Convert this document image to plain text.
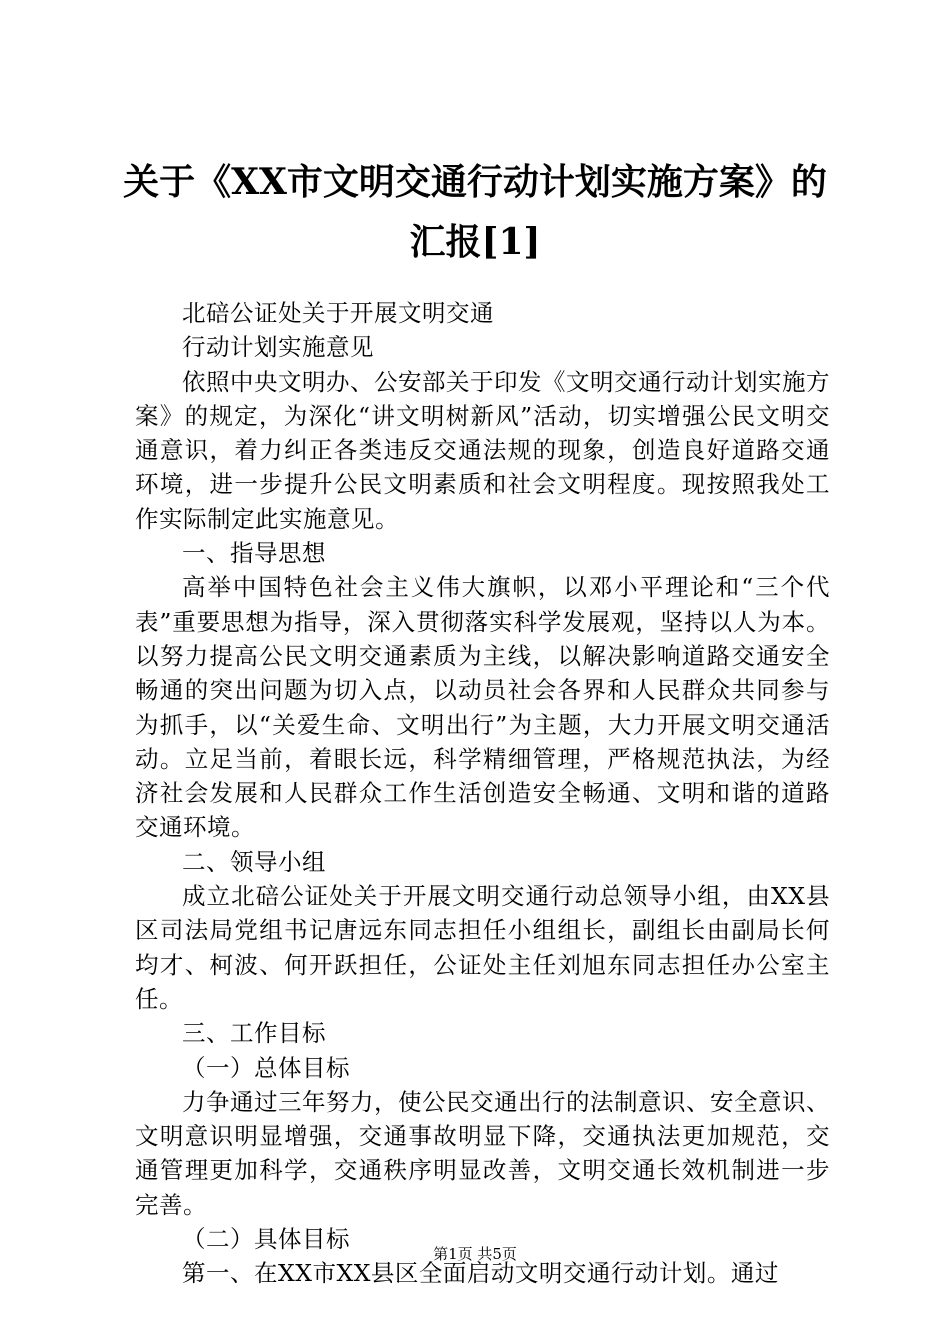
关于《XX市文明交通行动计划实施方案》的
汇报[1]

北碚公证处关于开展文明交通

行动计划实施意见

依照中央文明办、公安部关于印发《文明交通行动计划实施方案》的规定，为深化“讲文明树新风”活动，切实增强公民文明交通意识，着力纠正各类违反交通法规的现象，创造良好道路交通环境，进一步提升公民文明素质和社会文明程度。现按照我处工作实际制定此实施意见。

一、指导思想

高举中国特色社会主义伟大旗帜，以邓小平理论和“三个代表”重要思想为指导，深入贯彻落实科学发展观，坚持以人为本。以努力提高公民文明交通素质为主线，以解决影响道路交通安全畅通的突出问题为切入点，以动员社会各界和人民群众共同参与为抓手，以“关爱生命、文明出行”为主题，大力开展文明交通活动。立足当前，着眼长远，科学精细管理，严格规范执法，为经济社会发展和人民群众工作生活创造安全畅通、文明和谐的道路交通环境。

二、领导小组

成立北碚公证处关于开展文明交通行动总领导小组，由XX县区司法局党组书记唐远东同志担任小组组长，副组长由副局长何均才、柯波、何开跃担任，公证处主任刘旭东同志担任办公室主任。

三、工作目标

（一）总体目标

力争通过三年努力，使公民交通出行的法制意识、安全意识、文明意识明显增强，交通事故明显下降，交通执法更加规范，交通管理更加科学，交通秩序明显改善，文明交通长效机制进一步完善。

（二）具体目标

第一、在XX市XX县区全面启动文明交通行动计划。通过

第1页 共5页
